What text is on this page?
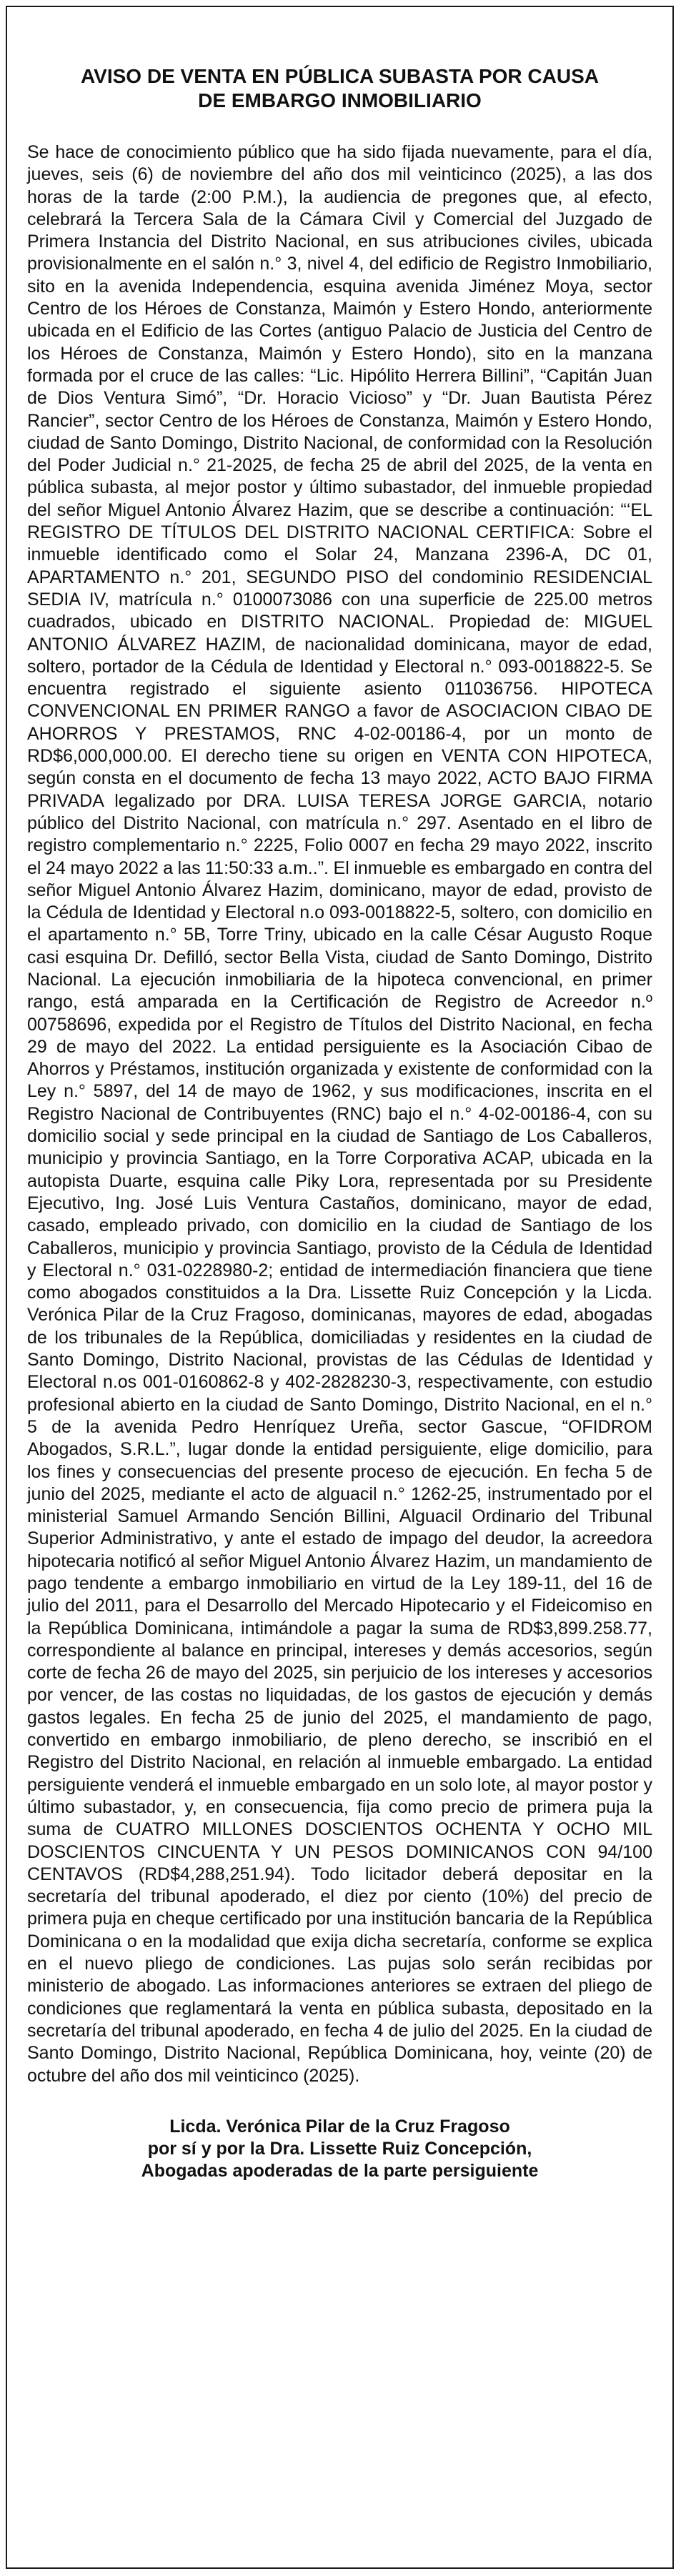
AVISO DE VENTA EN PÚBLICA SUBASTA POR CAUSA
DE EMBARGO INMOBILIARIO

Se hace de conocimiento público que ha sido fijada nuevamente, para el día, jueves, seis (6) de noviembre del año dos mil veinticinco (2025), a las dos horas de la tarde (2:00 P.M.), la audiencia de pregones que, al efecto, celebrará la Tercera Sala de la Cámara Civil y Comercial del Juzgado de Primera Instancia del Distrito Nacional, en sus atribuciones civiles, ubicada provisionalmente en el salón n.° 3, nivel 4, del edificio de Registro Inmobiliario, sito en la avenida Independencia, esquina avenida Jiménez Moya, sector Centro de los Héroes de Constanza, Maimón y Estero Hondo, anteriormente ubicada en el Edificio de las Cortes (antiguo Palacio de Justicia del Centro de los Héroes de Constanza, Maimón y Estero Hondo), sito en la manzana formada por el cruce de las calles: “Lic. Hipólito Herrera Billini”, “Capitán Juan de Dios Ventura Simó”, “Dr. Horacio Vicioso” y “Dr. Juan Bautista Pérez Rancier”, sector Centro de los Héroes de Constanza, Maimón y Estero Hondo, ciudad de Santo Domingo, Distrito Nacional, de conformidad con la Resolución del Poder Judicial n.° 21-2025, de fecha 25 de abril del 2025, de la venta en pública subasta, al mejor postor y último subastador, del inmueble propiedad del señor Miguel Antonio Álvarez Hazim, que se describe a continuación: “‘EL REGISTRO DE TÍTULOS DEL DISTRITO NACIONAL CERTIFICA: Sobre el inmueble identificado como el Solar 24, Manzana 2396-A, DC 01, APARTAMENTO n.° 201, SEGUNDO PISO del condominio RESIDENCIAL SEDIA IV, matrícula n.° 0100073086 con una superficie de 225.00 metros cuadrados, ubicado en DISTRITO NACIONAL. Propiedad de: MIGUEL ANTONIO ÁLVAREZ HAZIM, de nacionalidad dominicana, mayor de edad, soltero, portador de la Cédula de Identidad y Electoral n.° 093-0018822-5. Se encuentra registrado el siguiente asiento 011036756. HIPOTECA CONVENCIONAL EN PRIMER RANGO a favor de ASOCIACION CIBAO DE AHORROS Y PRESTAMOS, RNC 4-02-00186-4, por un monto de RD$6,000,000.00. El derecho tiene su origen en VENTA CON HIPOTECA, según consta en el documento de fecha 13 mayo 2022, ACTO BAJO FIRMA PRIVADA legalizado por DRA. LUISA TERESA JORGE GARCIA, notario público del Distrito Nacional, con matrícula n.° 297. Asentado en el libro de registro complementario n.° 2225, Folio 0007 en fecha 29 mayo 2022, inscrito el 24 mayo 2022 a las 11:50:33 a.m..”. El inmueble es embargado en contra del señor Miguel Antonio Álvarez Hazim, dominicano, mayor de edad, provisto de la Cédula de Identidad y Electoral n.o 093-0018822-5, soltero, con domicilio en el apartamento n.° 5B, Torre Triny, ubicado en la calle César Augusto Roque casi esquina Dr. Defilló, sector Bella Vista, ciudad de Santo Domingo, Distrito Nacional. La ejecución inmobiliaria de la hipoteca convencional, en primer rango, está amparada en la Certificación de Registro de Acreedor n.º 00758696, expedida por el Registro de Títulos del Distrito Nacional, en fecha 29 de mayo del 2022. La entidad persiguiente es la Asociación Cibao de Ahorros y Préstamos, institución organizada y existente de conformidad con la Ley n.° 5897, del 14 de mayo de 1962, y sus modificaciones, inscrita en el Registro Nacional de Contribuyentes (RNC) bajo el n.° 4-02-00186-4, con su domicilio social y sede principal en la ciudad de Santiago de Los Caballeros, municipio y provincia Santiago, en la Torre Corporativa ACAP, ubicada en la autopista Duarte, esquina calle Piky Lora, representada por su Presidente Ejecutivo, Ing. José Luis Ventura Castaños, dominicano, mayor de edad, casado, empleado privado, con domicilio en la ciudad de Santiago de los Caballeros, municipio y provincia Santiago, provisto de la Cédula de Identidad y Electoral n.° 031-0228980-2; entidad de intermediación financiera que tiene como abogados constituidos a la Dra. Lissette Ruiz Concepción y la Licda. Verónica Pilar de la Cruz Fragoso, dominicanas, mayores de edad, abogadas de los tribunales de la República, domiciliadas y residentes en la ciudad de Santo Domingo, Distrito Nacional, provistas de las Cédulas de Identidad y Electoral n.os 001-0160862-8 y 402-2828230-3, respectivamente, con estudio profesional abierto en la ciudad de Santo Domingo, Distrito Nacional, en el n.° 5 de la avenida Pedro Henríquez Ureña, sector Gascue, “OFIDROM Abogados, S.R.L.”, lugar donde la entidad persiguiente, elige domicilio, para los fines y consecuencias del presente proceso de ejecución. En fecha 5 de junio del 2025, mediante el acto de alguacil n.° 1262-25, instrumentado por el ministerial Samuel Armando Sención Billini, Alguacil Ordinario del Tribunal Superior Administrativo, y ante el estado de impago del deudor, la acreedora hipotecaria notificó al señor Miguel Antonio Álvarez Hazim, un mandamiento de pago tendente a embargo inmobiliario en virtud de la Ley 189-11, del 16 de julio del 2011, para el Desarrollo del Mercado Hipotecario y el Fideicomiso en la República Dominicana, intimándole a pagar la suma de RD$3,899.258.77, correspondiente al balance en principal, intereses y demás accesorios, según corte de fecha 26 de mayo del 2025, sin perjuicio de los intereses y accesorios por vencer, de las costas no liquidadas, de los gastos de ejecución y demás gastos legales. En fecha 25 de junio del 2025, el mandamiento de pago, convertido en embargo inmobiliario, de pleno derecho, se inscribió en el Registro del Distrito Nacional, en relación al inmueble embargado. La entidad persiguiente venderá el inmueble embargado en un solo lote, al mayor postor y último subastador, y, en consecuencia, fija como precio de primera puja la suma de CUATRO MILLONES DOSCIENTOS OCHENTA Y OCHO MIL DOSCIENTOS CINCUENTA Y UN PESOS DOMINICANOS CON 94/100 CENTAVOS (RD$4,288,251.94). Todo licitador deberá depositar en la secretaría del tribunal apoderado, el diez por ciento (10%) del precio de primera puja en cheque certificado por una institución bancaria de la República Dominicana o en la modalidad que exija dicha secretaría, conforme se explica en el nuevo pliego de condiciones. Las pujas solo serán recibidas por ministerio de abogado. Las informaciones anteriores se extraen del pliego de condiciones que reglamentará la venta en pública subasta, depositado en la secretaría del tribunal apoderado, en fecha 4 de julio del 2025. En la ciudad de Santo Domingo, Distrito Nacional, República Dominicana, hoy, veinte (20) de octubre del año dos mil veinticinco (2025).

Licda. Verónica Pilar de la Cruz Fragoso
por sí y por la Dra. Lissette Ruiz Concepción,
Abogadas apoderadas de la parte persiguiente
